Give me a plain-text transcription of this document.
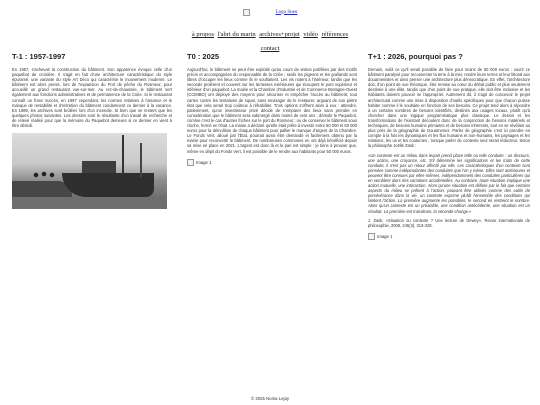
Logo Sneu
à propos l'abri du marin archives+projet vidéo références
contact
T-1 : 1957-1997

En 1957, s'achevait la construction du bâtiment. Son apparence évoque celle d'un paquebot de croisière. Il s'agit en fait d'une architecture caractéristique du style épuramé, une variante du style Art Déco qui caractérise le mouvement moderne. Le bâtiment est alors pensé, lors de l'expansion du Port de pêche du Rosmeur, pour accueillir un grand restaurant vue-sur-mer. Au rez-de-chaussée, le bâtiment sert également aux fonctions administratives et de permanence de la Criée. Si le restaurant connaît un franc succès, en 1997 cependant, les normes relatives à l'aisance et le manque de rentabilité et d'entretien du bâtiment condamnent ce dernier à la vacance. En 1989, les archives sont brûlées lors d'un incendie. Si bien que ne restent que les quelques photos suivantes. Les dessins sont le résultante d'un travail de recherche et de relevé réalisé pour que la mémoire du Paquebot demeure si ce dernier en vient à être démoli.

T0 : 2025

Aujourd'hui, le bâtiment ne peut être exploité qu'au cours de visites justifiées par des motifs précis et accompagnées du responsable de la Criée ; seuls les pigeons et les goélands sont libres d'occuper les lieux comme ils le souhaitent. Les vis notent à l'intérieur, tandis que les seconds prolèrent et couvent sur les terrasses extérieures qui écoupent le pont supérieur et inférieur d'un paquebot. La mairie et la Chambre d'Industrie et de Commerce Bretagne-Ouest (CCIMBO) ont déployé des moyens pour sécuriser et empêcher l'accès au bâtiment, tout cartes contre les tentatives de squat, sans envisager de le restaurer, arguant de son piètre état que cela serait trop coûteux à réhabiliter. Trois options s'offrent alors à eux : attendre, patiemment, qu'un investisseur privé décide de s'emparer des lieux sans prendre en considération que le bâtiment sera submergé dans moins de cent ans ; démolir le Paquebot, comme c'est le cas d'autres friches sur le port du Rosmeur ; ou de conserver le bâtiment sous cloche, fermé en l'état. La mairie a déclaré qu'elle était prête à investir entre 50 000 et 60 000 euros pour la démolition de chaque bâtiment pour pallier le manque d'argent de la Chambre. Le Fonds Vert, alloué par l'État, pourrait aussi être demandé et facilement obtenu par la mairie pour reconvertir le bâtiment. De nombreuses communes en ont déjà bénéficié depuis sa mise en place en 2021. L'argent est donc là et le pari est simple : je tiens à prouver que, même en dépit du Fonds Vert, il est possible de le rendre aux habitants pour 50 000 euros.

Image 1
T+1 : 2026, pourquoi pas ?

Demain, voilà ce qu'il serait possible de faire pour moins de 50 000 euros : ouvrir ce bâtiment paralysé pour reconnecter la terre à la mer, rendre leurs terres et leur littoral aux douarnenistes et ainsi penser une architecture plus démocratique. En effet, l'architecture doit, d'un point de vue théorique, être remise au cœur du débat public et plus seulement destinée à une élite, tandis que d'un point de vue pratique, elle doit être inclusive et les habitants doivent pouvoir se l'approprier. Autrement dit, il s'agit de concevoir le projet architectural comme une mise à disposition d'outils spécifiques pour que chacun puisse habiter comme il le souhaite en fonction de ses besoins. Ce projet tend alors à répondre à un certains nombres de besoins identifiés, destinés aux usages locaux, plutôt qu'à chercher dans une logique programmatique plus classique. Le dessin et les transformations de l'existant découlent donc de la conjonction de besoins matériels et techniques, de besoins humains primaires et de besoins inhérents, tout en se révélant au plus près de la géographie de Douarnenez. Parler de géographie c'est ici prendre en compte à la fois les dynamiques et les flux humains et non-humains, les paysages et les relations, les us et les coutumes ; lorsque parler de contexte seul serait réducteur. Selon la philosophe Joëlle Zask :

«Un contexte est un milieu dans lequel prend place telle ou telle conduite : un discours, une action, une croyance, etc. S'il détermine les significations et les traits de cette conduite, il n'est pas un retour affecté par elle. Les caractéristiques d'un contexte sont pensées comme indépendantes des conduites que l'on y mène. Elles sont antérieures et peuvent être connues par elles-mêmes, indépendamment des conduites particulières qui en semblent alors des variations accidentelles. Au contraire, toute situation implique une action mutuelle, une interaction. Alors qu'une situation est définie par le fait que certains aspects du milieu se prêtent à l'action, pouvant être utilisés comme des outils de persévérance dans la vie, un contexte exprime plutôt l'ensemble des conditions qui limitent l'action. La première augmente les possibles, le second en restreint le nombre. Alors qu'un contexte est un préalable, une condition antécédente, une situation est un résultat. La première est transitoire, la seconde change.»

J. Zask, «Situation ou contexte ? Une lecture de Dewey», Revue internationale de philosophie, 2008, 245(3), 313-328.

Image 1
© 2025 Noma Lejay
